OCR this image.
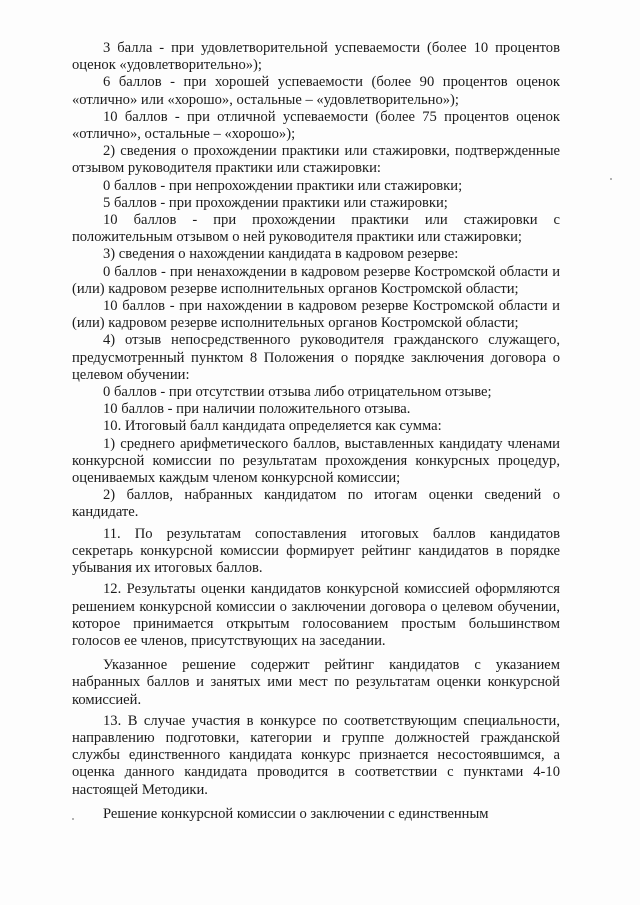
3 балла - при удовлетворительной успеваемости (более 10 процентов оценок «удовлетворительно»);

6 баллов - при хорошей успеваемости (более 90 процентов оценок «отлично» или «хорошо», остальные – «удовлетворительно»);

10 баллов - при отличной успеваемости (более 75 процентов оценок «отлично», остальные – «хорошо»);

2) сведения о прохождении практики или стажировки, подтвержденные отзывом руководителя практики или стажировки:

0 баллов - при непрохождении практики или стажировки;

5 баллов - при прохождении практики или стажировки;

10 баллов - при прохождении практики или стажировки с положительным отзывом о ней руководителя практики или стажировки;

3) сведения о нахождении кандидата в кадровом резерве:

0 баллов - при ненахождении в кадровом резерве Костромской области и (или) кадровом резерве исполнительных органов Костромской области;

10 баллов - при нахождении в кадровом резерве Костромской области и (или) кадровом резерве исполнительных органов Костромской области;

4) отзыв непосредственного руководителя гражданского служащего, предусмотренный пунктом 8 Положения о порядке заключения договора о целевом обучении:

0 баллов - при отсутствии отзыва либо отрицательном отзыве;

10 баллов - при наличии положительного отзыва.

10. Итоговый балл кандидата определяется как сумма:

1) среднего арифметического баллов, выставленных кандидату членами конкурсной комиссии по результатам прохождения конкурсных процедур, оцениваемых каждым членом конкурсной комиссии;

2) баллов, набранных кандидатом по итогам оценки сведений о кандидате.

11. По результатам сопоставления итоговых баллов кандидатов секретарь конкурсной комиссии формирует рейтинг кандидатов в порядке убывания их итоговых баллов.

12. Результаты оценки кандидатов конкурсной комиссией оформляются решением конкурсной комиссии о заключении договора о целевом обучении, которое принимается открытым голосованием простым большинством голосов ее членов, присутствующих на заседании.

Указанное решение содержит рейтинг кандидатов с указанием набранных баллов и занятых ими мест по результатам оценки конкурсной комиссией.

13. В случае участия в конкурсе по соответствующим специальности, направлению подготовки, категории и группе должностей гражданской службы единственного кандидата конкурс признается несостоявшимся, а оценка данного кандидата проводится в соответствии с пунктами 4-10 настоящей Методики.

Решение конкурсной комиссии о заключении с единственным
